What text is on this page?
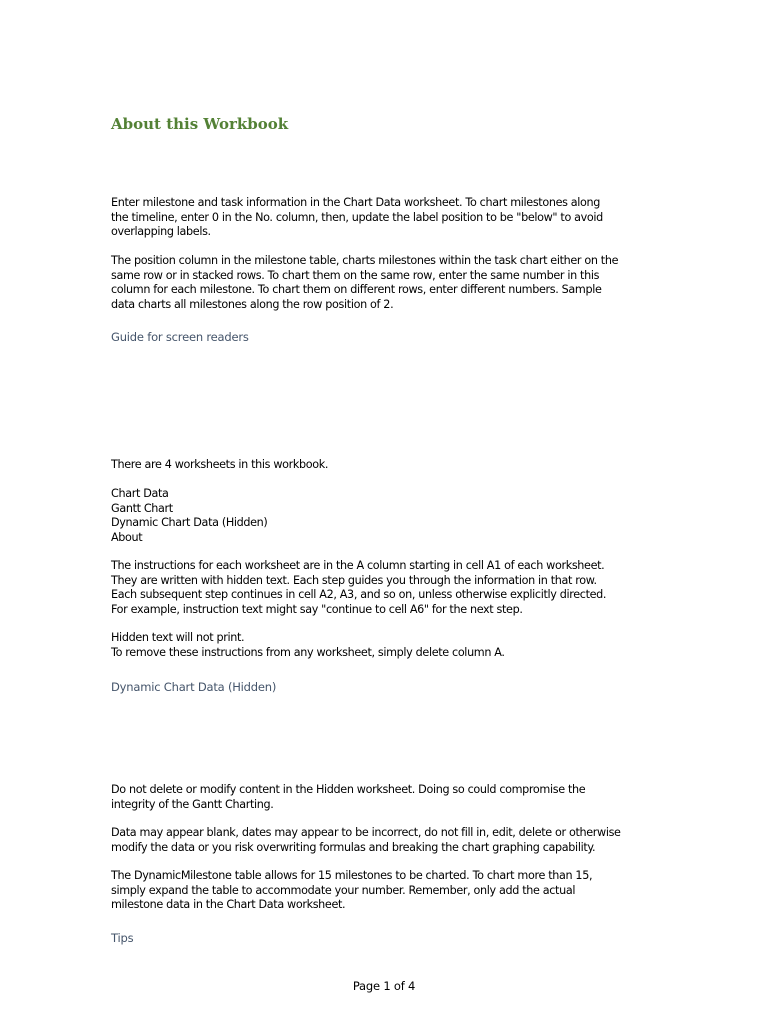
About this Workbook

Enter milestone and task information in the Chart Data worksheet. To chart milestones along
the timeline, enter 0 in the No. column, then, update the label position to be "below" to avoid
overlapping labels.

The position column in the milestone table, charts milestones within the task chart either on the
same row or in stacked rows. To chart them on the same row, enter the same number in this
column for each milestone. To chart them on different rows, enter different numbers. Sample
data charts all milestones along the row position of 2.

Guide for screen readers

There are 4 worksheets in this workbook.

Chart Data
Gantt Chart
Dynamic Chart Data (Hidden)
About

The instructions for each worksheet are in the A column starting in cell A1 of each worksheet.
They are written with hidden text. Each step guides you through the information in that row.
Each subsequent step continues in cell A2, A3, and so on, unless otherwise explicitly directed.
For example, instruction text might say "continue to cell A6" for the next step.

Hidden text will not print.
To remove these instructions from any worksheet, simply delete column A.

Dynamic Chart Data (Hidden)

Do not delete or modify content in the Hidden worksheet. Doing so could compromise the
integrity of the Gantt Charting.

Data may appear blank, dates may appear to be incorrect, do not fill in, edit, delete or otherwise
modify the data or you risk overwriting formulas and breaking the chart graphing capability.

The DynamicMilestone table allows for 15 milestones to be charted. To chart more than 15,
simply expand the table to accommodate your number. Remember, only add the actual
milestone data in the Chart Data worksheet.

Tips
Page 1 of 4
